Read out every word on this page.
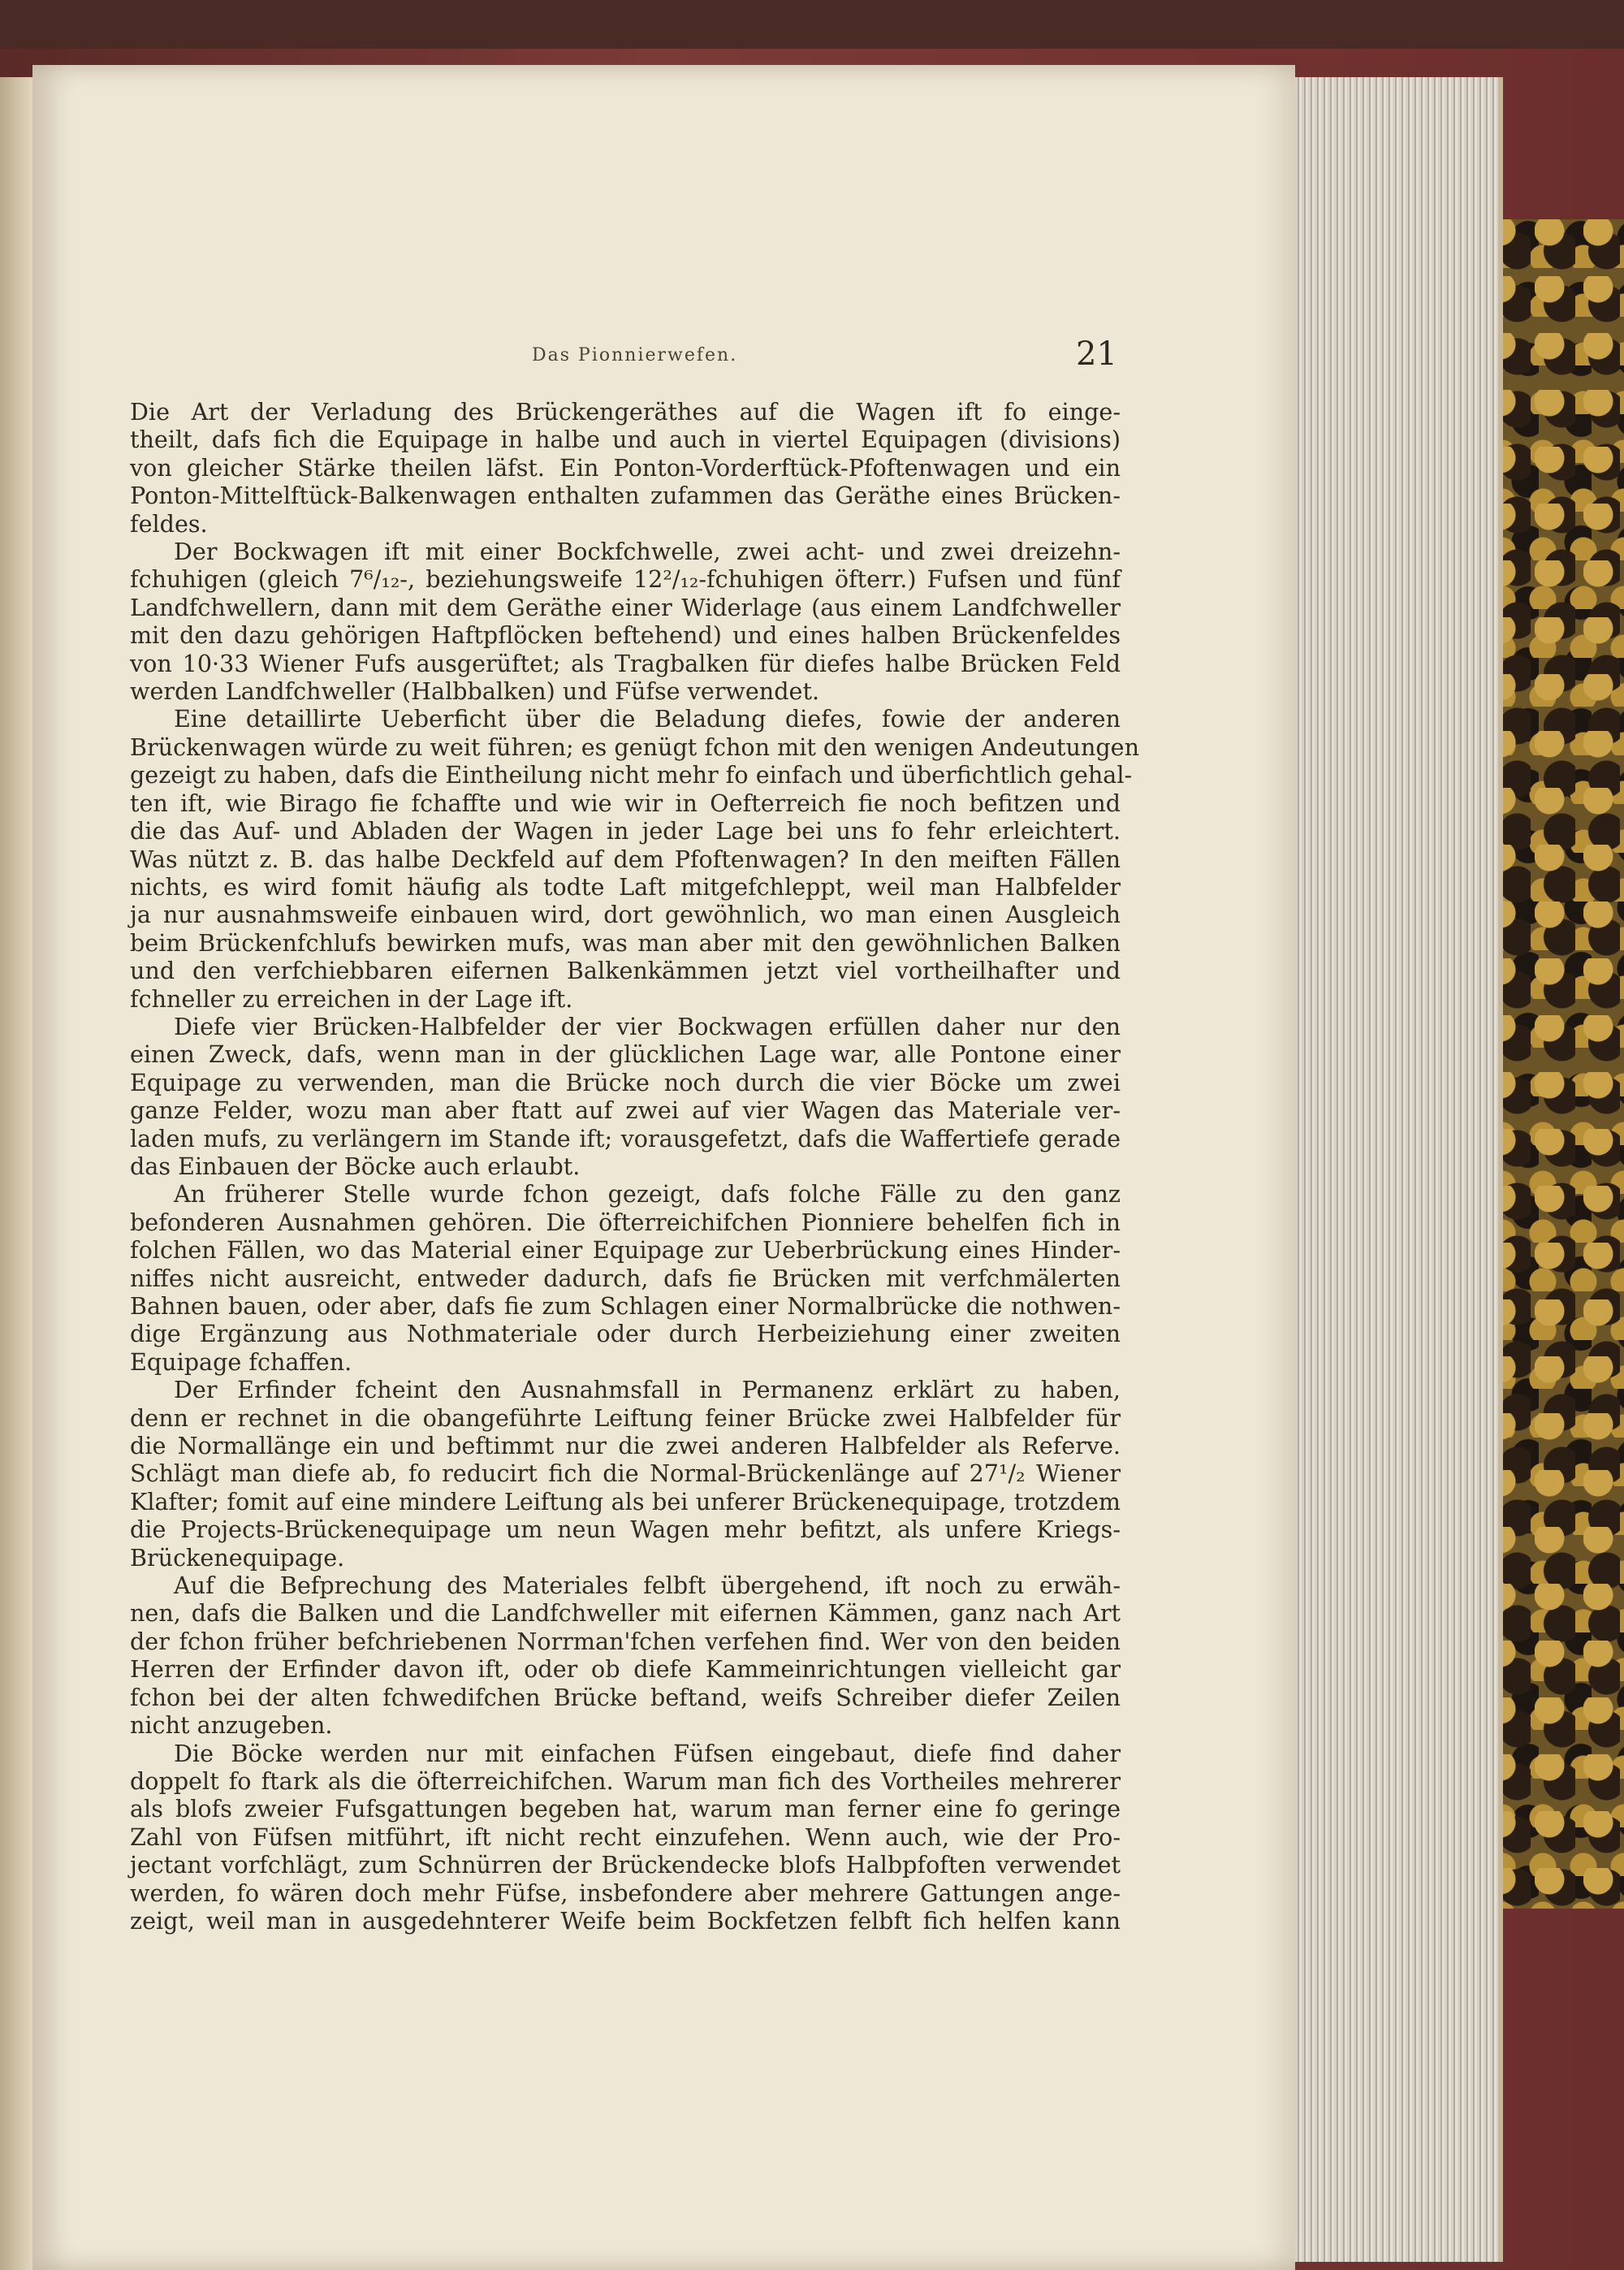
Das Pionnierwefen.	21
Die Art der Verladung des Brückengeräthes auf die Wagen ift fo einge-
theilt, dafs fich die Equipage in halbe und auch in viertel Equipagen (divisions)
von gleicher Stärke theilen läfst. Ein Ponton-Vorderftück-Pfoftenwagen und ein
Ponton-Mittelftück-Balkenwagen enthalten zufammen das Geräthe eines Brücken-
feldes.
Der Bockwagen ift mit einer Bockfchwelle, zwei acht- und zwei dreizehn-
fchuhigen (gleich 7⁶/₁₂-, beziehungsweife 12²/₁₂-fchuhigen öfterr.) Fufsen und fünf
Landfchwellern, dann mit dem Geräthe einer Widerlage (aus einem Landfchweller
mit den dazu gehörigen Haftpflöcken beftehend) und eines halben Brückenfeldes
von 10·33 Wiener Fufs ausgerüftet; als Tragbalken für diefes halbe Brücken Feld
werden Landfchweller (Halbbalken) und Füfse verwendet.
Eine detaillirte Ueberficht über die Beladung diefes, fowie der anderen
Brückenwagen würde zu weit führen; es genügt fchon mit den wenigen Andeutungen
gezeigt zu haben, dafs die Eintheilung nicht mehr fo einfach und überfichtlich gehal-
ten ift, wie Birago fie fchaffte und wie wir in Oefterreich fie noch befitzen und
die das Auf- und Abladen der Wagen in jeder Lage bei uns fo fehr erleichtert.
Was nützt z. B. das halbe Deckfeld auf dem Pfoftenwagen? In den meiften Fällen
nichts, es wird fomit häufig als todte Laft mitgefchleppt, weil man Halbfelder
ja nur ausnahmsweife einbauen wird, dort gewöhnlich, wo man einen Ausgleich
beim Brückenfchlufs bewirken mufs, was man aber mit den gewöhnlichen Balken
und den verfchiebbaren eifernen Balkenkämmen jetzt viel vortheilhafter und
fchneller zu erreichen in der Lage ift.
Diefe vier Brücken-Halbfelder der vier Bockwagen erfüllen daher nur den
einen Zweck, dafs, wenn man in der glücklichen Lage war, alle Pontone einer
Equipage zu verwenden, man die Brücke noch durch die vier Böcke um zwei
ganze Felder, wozu man aber ftatt auf zwei auf vier Wagen das Materiale ver-
laden mufs, zu verlängern im Stande ift; vorausgefetzt, dafs die Waffertiefe gerade
das Einbauen der Böcke auch erlaubt.
An früherer Stelle wurde fchon gezeigt, dafs folche Fälle zu den ganz
befonderen Ausnahmen gehören. Die öfterreichifchen Pionniere behelfen fich in
folchen Fällen, wo das Material einer Equipage zur Ueberbrückung eines Hinder-
niffes nicht ausreicht, entweder dadurch, dafs fie Brücken mit verfchmälerten
Bahnen bauen, oder aber, dafs fie zum Schlagen einer Normalbrücke die nothwen-
dige Ergänzung aus Nothmateriale oder durch Herbeiziehung einer zweiten
Equipage fchaffen.
Der Erfinder fcheint den Ausnahmsfall in Permanenz erklärt zu haben,
denn er rechnet in die obangeführte Leiftung feiner Brücke zwei Halbfelder für
die Normallänge ein und beftimmt nur die zwei anderen Halbfelder als Referve.
Schlägt man diefe ab, fo reducirt fich die Normal-Brückenlänge auf 27¹/₂ Wiener
Klafter; fomit auf eine mindere Leiftung als bei unferer Brückenequipage, trotzdem
die Projects-Brückenequipage um neun Wagen mehr befitzt, als unfere Kriegs-
Brückenequipage.
Auf die Befprechung des Materiales felbft übergehend, ift noch zu erwäh-
nen, dafs die Balken und die Landfchweller mit eifernen Kämmen, ganz nach Art
der fchon früher befchriebenen Norrman'fchen verfehen find. Wer von den beiden
Herren der Erfinder davon ift, oder ob diefe Kammeinrichtungen vielleicht gar
fchon bei der alten fchwedifchen Brücke beftand, weifs Schreiber diefer Zeilen
nicht anzugeben.
Die Böcke werden nur mit einfachen Füfsen eingebaut, diefe find daher
doppelt fo ftark als die öfterreichifchen. Warum man fich des Vortheiles mehrerer
als blofs zweier Fufsgattungen begeben hat, warum man ferner eine fo geringe
Zahl von Füfsen mitführt, ift nicht recht einzufehen. Wenn auch, wie der Pro-
jectant vorfchlägt, zum Schnürren der Brückendecke blofs Halbpfoften verwendet
werden, fo wären doch mehr Füfse, insbefondere aber mehrere Gattungen ange-
zeigt, weil man in ausgedehnterer Weife beim Bockfetzen felbft fich helfen kann
